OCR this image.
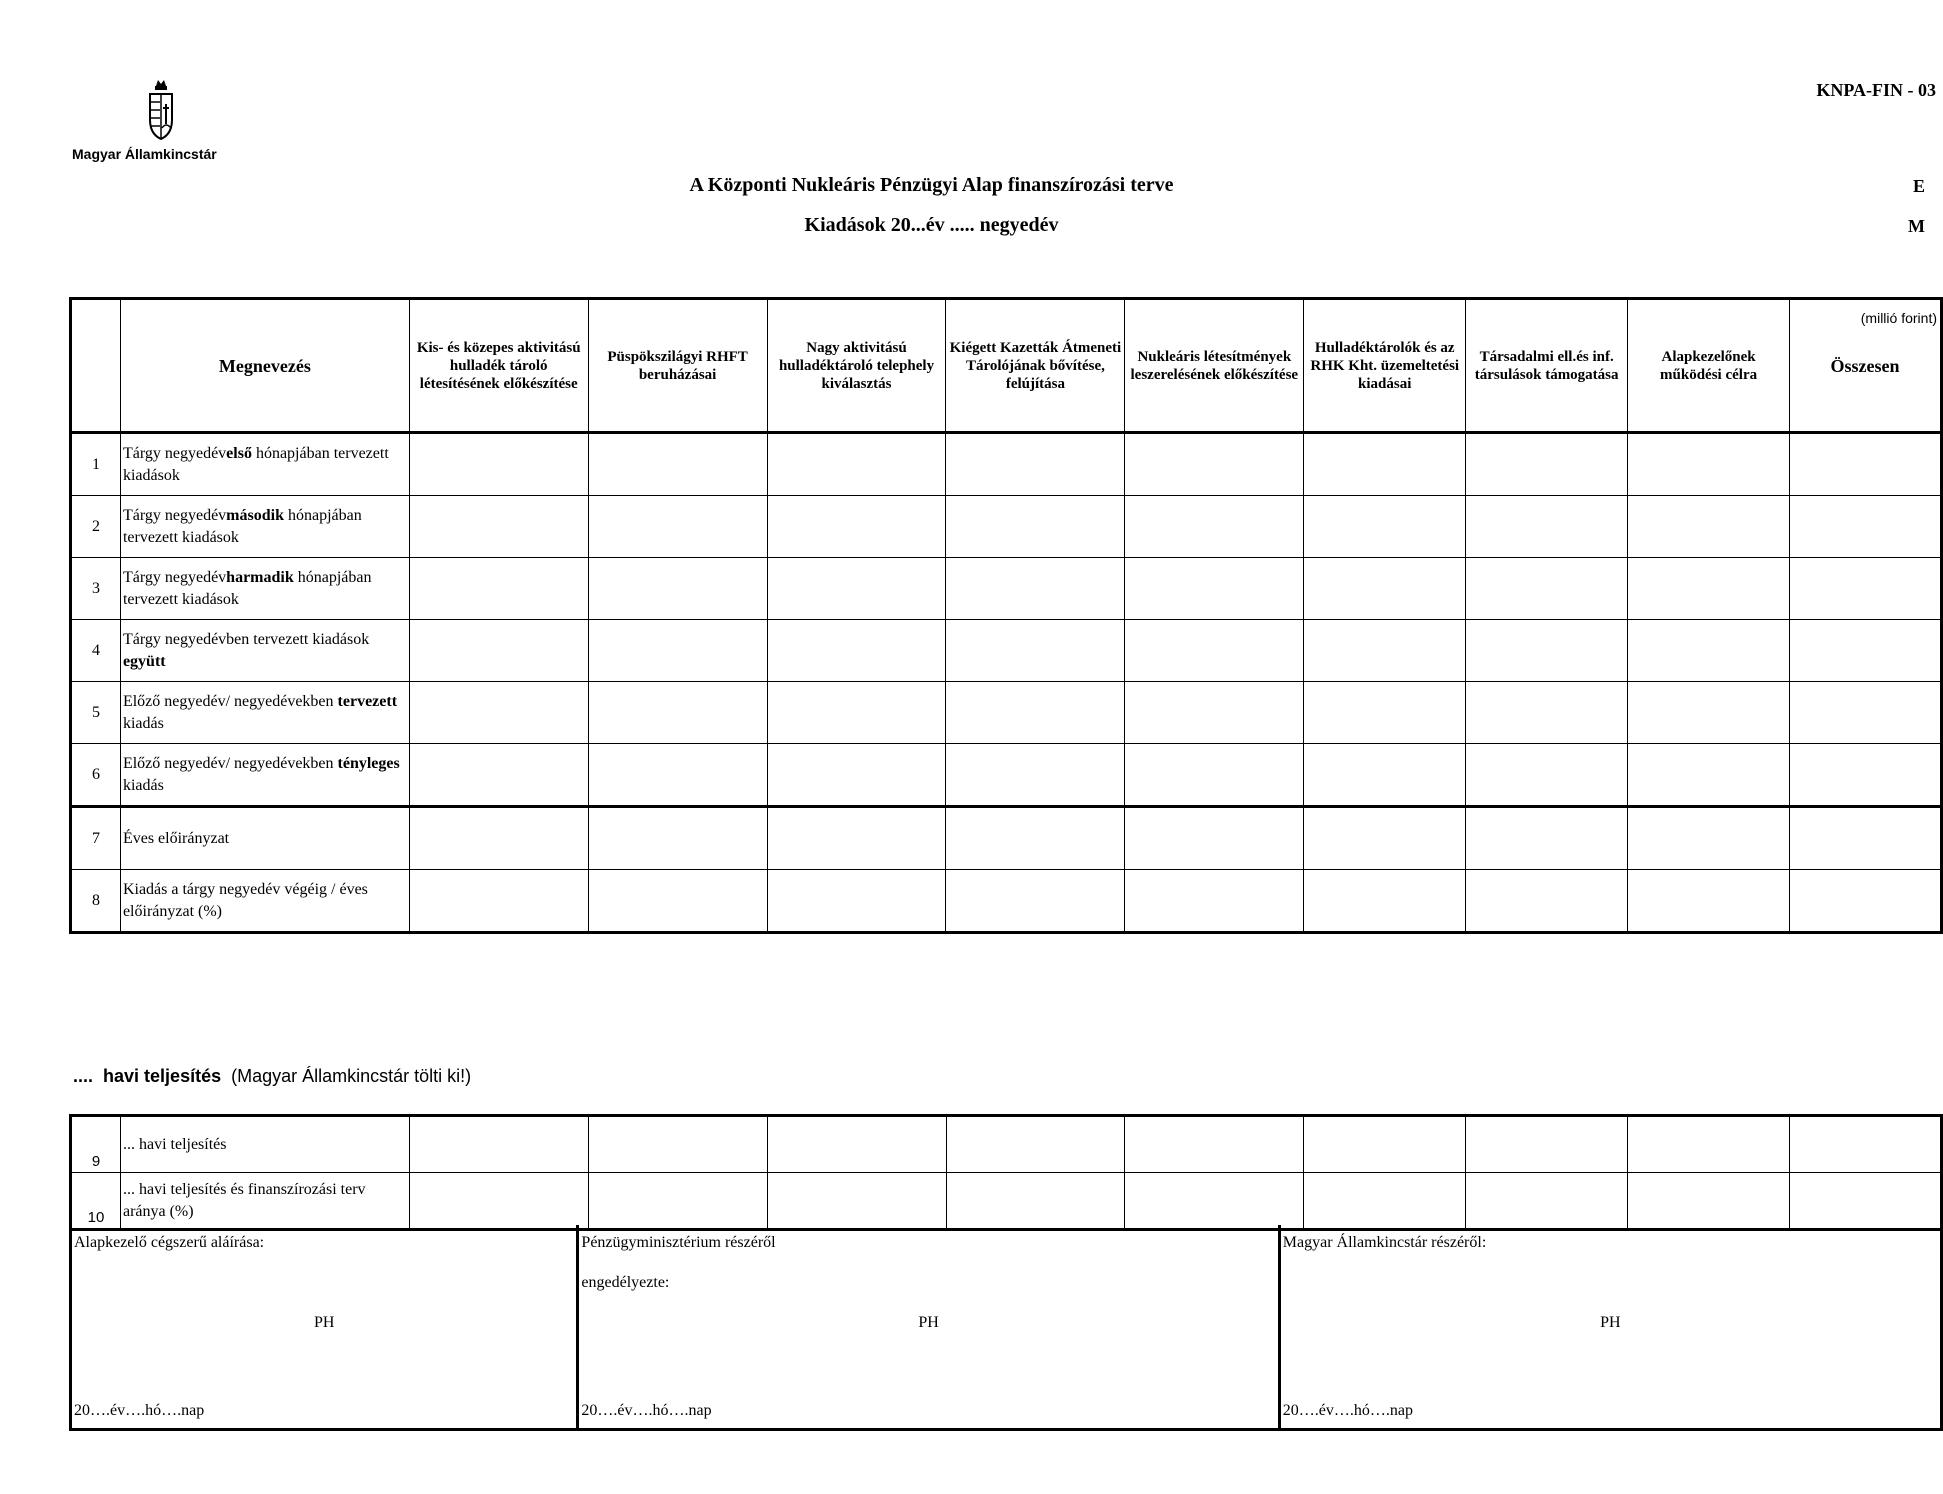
Magyar Államkincstár
KNPA-FIN - 03
A Központi Nukleáris Pénzügyi Alap finanszírozási terve
Kiadások 20...év ..... negyedév
E
M
(millió forint)
	Megnevezés	Kis- és közepes aktivitású hulladék tároló létesítésének előkészítése	Püspökszilágyi RHFT beruházásai	Nagy aktivitású hulladéktároló telephely kiválasztás	Kiégett Kazetták Átmeneti Tárolójának bővítése, felújítása	Nukleáris létesítmények leszerelésének előkészítése	Hulladéktárolók és az RHK Kht. üzemeltetési kiadásai	Társadalmi ell.és inf. társulások támogatása	Alapkezelőnek működési célra	Összesen
1	Tárgy negyedévelső hónapjában tervezett kiadások									
2	Tárgy negyedévmásodik hónapjában tervezett kiadások									
3	Tárgy negyedévharmadik hónapjában tervezett kiadások									
4	Tárgy negyedévben tervezett kiadások együtt									
5	Előző negyedév/ negyedévekben tervezett kiadás									
6	Előző negyedév/ negyedévekben tényleges kiadás									
7	Éves előirányzat									
8	Kiadás a tárgy negyedév végéig / éves előirányzat (%)									
.... havi teljesítés (Magyar Államkincstár tölti ki!)
9	... havi teljesítés									
10	... havi teljesítés és finanszírozási terv aránya (%)									
Alapkezelő cégszerű aláírása:
PH
20….év….hó….nap

Pénzügyminisztérium részéről
engedélyezte:
PH
20….év….hó….nap

Magyar Államkincstár részéről:
PH
20….év….hó….nap
